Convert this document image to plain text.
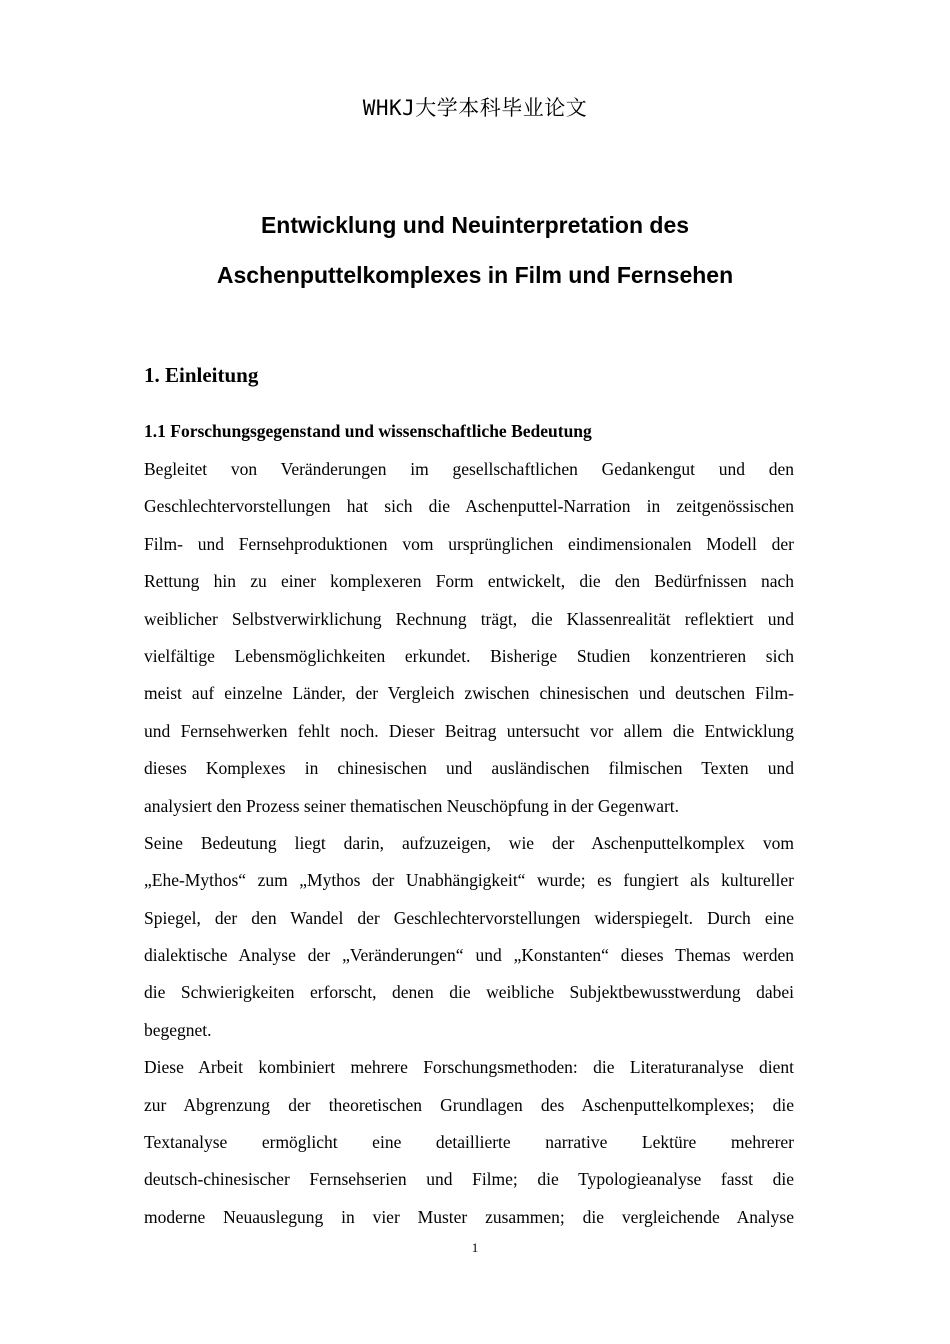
WHKJ大学本科毕业论文
Entwicklung und Neuinterpretation des
Aschenputtelkomplexes in Film und Fernsehen
1. Einleitung
1.1 Forschungsgegenstand und wissenschaftliche Bedeutung
Begleitet von Veränderungen im gesellschaftlichen Gedankengut und den
Geschlechtervorstellungen hat sich die Aschenputtel-Narration in zeitgenössischen
Film- und Fernsehproduktionen vom ursprünglichen eindimensionalen Modell der
Rettung hin zu einer komplexeren Form entwickelt, die den Bedürfnissen nach
weiblicher Selbstverwirklichung Rechnung trägt, die Klassenrealität reflektiert und
vielfältige Lebensmöglichkeiten erkundet. Bisherige Studien konzentrieren sich
meist auf einzelne Länder, der Vergleich zwischen chinesischen und deutschen Film-
und Fernsehwerken fehlt noch. Dieser Beitrag untersucht vor allem die Entwicklung
dieses Komplexes in chinesischen und ausländischen filmischen Texten und
analysiert den Prozess seiner thematischen Neuschöpfung in der Gegenwart.
Seine Bedeutung liegt darin, aufzuzeigen, wie der Aschenputtelkomplex vom
„Ehe-Mythos“ zum „Mythos der Unabhängigkeit“ wurde; es fungiert als kultureller
Spiegel, der den Wandel der Geschlechtervorstellungen widerspiegelt. Durch eine
dialektische Analyse der „Veränderungen“ und „Konstanten“ dieses Themas werden
die Schwierigkeiten erforscht, denen die weibliche Subjektbewusstwerdung dabei
begegnet.
Diese Arbeit kombiniert mehrere Forschungsmethoden: die Literaturanalyse dient
zur Abgrenzung der theoretischen Grundlagen des Aschenputtelkomplexes; die
Textanalyse ermöglicht eine detaillierte narrative Lektüre mehrerer
deutsch-chinesischer Fernsehserien und Filme; die Typologieanalyse fasst die
moderne Neuauslegung in vier Muster zusammen; die vergleichende Analyse
1
